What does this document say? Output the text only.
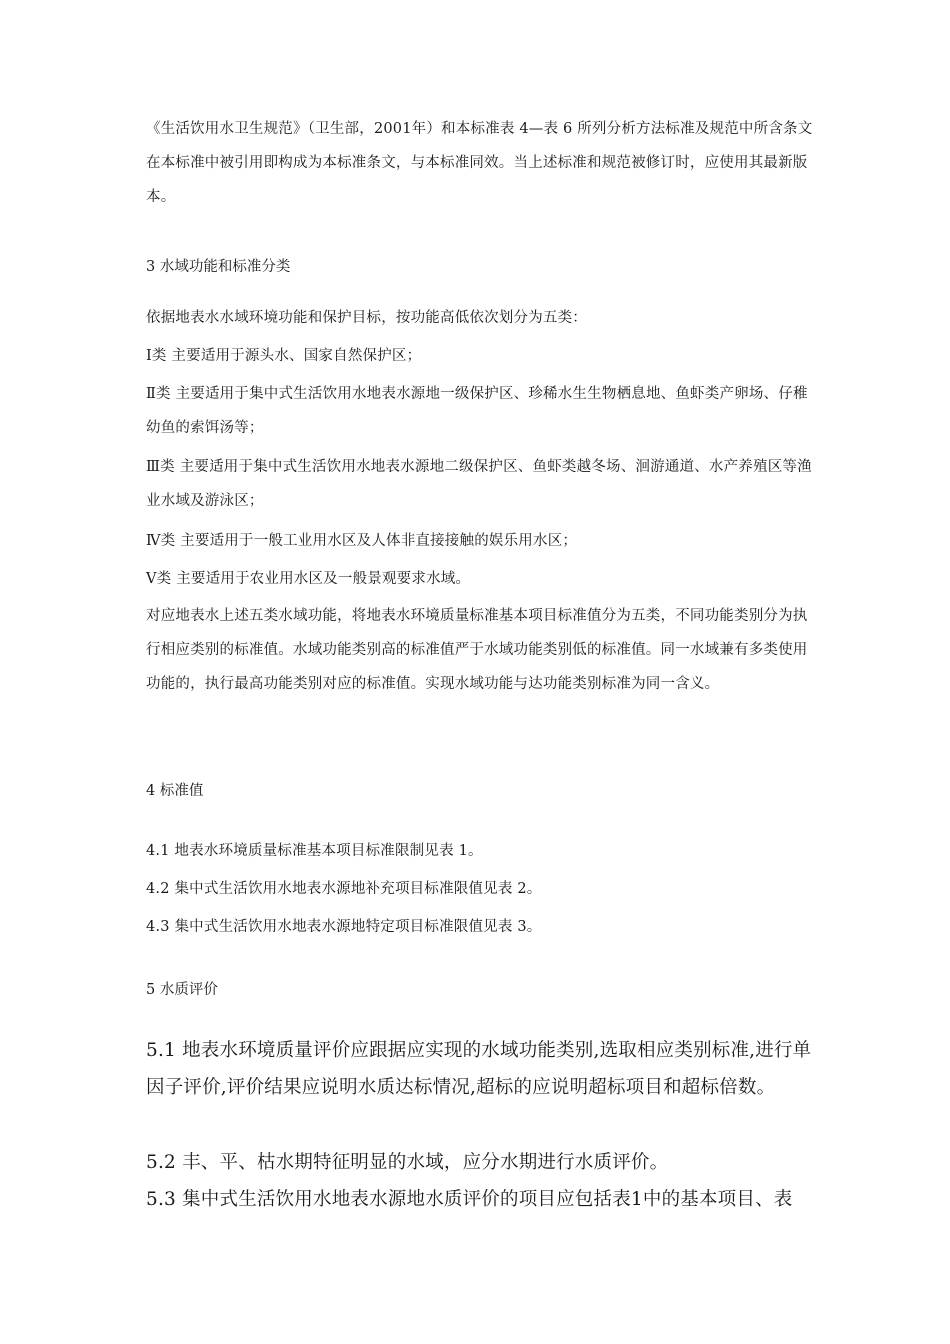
《生活饮用水卫生规范》（卫生部，2001年）和本标准表 4—表 6 所列分析方法标准及规范中所含条文在本标准中被引用即构成为本标准条文，与本标准同效。当上述标准和规范被修订时，应使用其最新版本。

3 水域功能和标准分类

依据地表水水域环境功能和保护目标，按功能高低依次划分为五类：

Ⅰ类 主要适用于源头水、国家自然保护区；

Ⅱ类 主要适用于集中式生活饮用水地表水源地一级保护区、珍稀水生生物栖息地、鱼虾类产卵场、仔稚幼鱼的索饵汤等；

Ⅲ类 主要适用于集中式生活饮用水地表水源地二级保护区、鱼虾类越冬场、洄游通道、水产养殖区等渔业水域及游泳区；

Ⅳ类 主要适用于一般工业用水区及人体非直接接触的娱乐用水区；

Ⅴ类 主要适用于农业用水区及一般景观要求水域。

对应地表水上述五类水域功能，将地表水环境质量标准基本项目标准值分为五类，不同功能类别分为执行相应类别的标准值。水域功能类别高的标准值严于水域功能类别低的标准值。同一水域兼有多类使用功能的，执行最高功能类别对应的标准值。实现水域功能与达功能类别标准为同一含义。

4 标准值

4.1 地表水环境质量标准基本项目标准限制见表 1。

4.2 集中式生活饮用水地表水源地补充项目标准限值见表 2。

4.3 集中式生活饮用水地表水源地特定项目标准限值见表 3。

5 水质评价

5.1 地表水环境质量评价应跟据应实现的水域功能类别,选取相应类别标准,进行单因子评价,评价结果应说明水质达标情况,超标的应说明超标项目和超标倍数。

5.2 丰、平、枯水期特征明显的水域，应分水期进行水质评价。

5.3 集中式生活饮用水地表水源地水质评价的项目应包括表1中的基本项目、表
